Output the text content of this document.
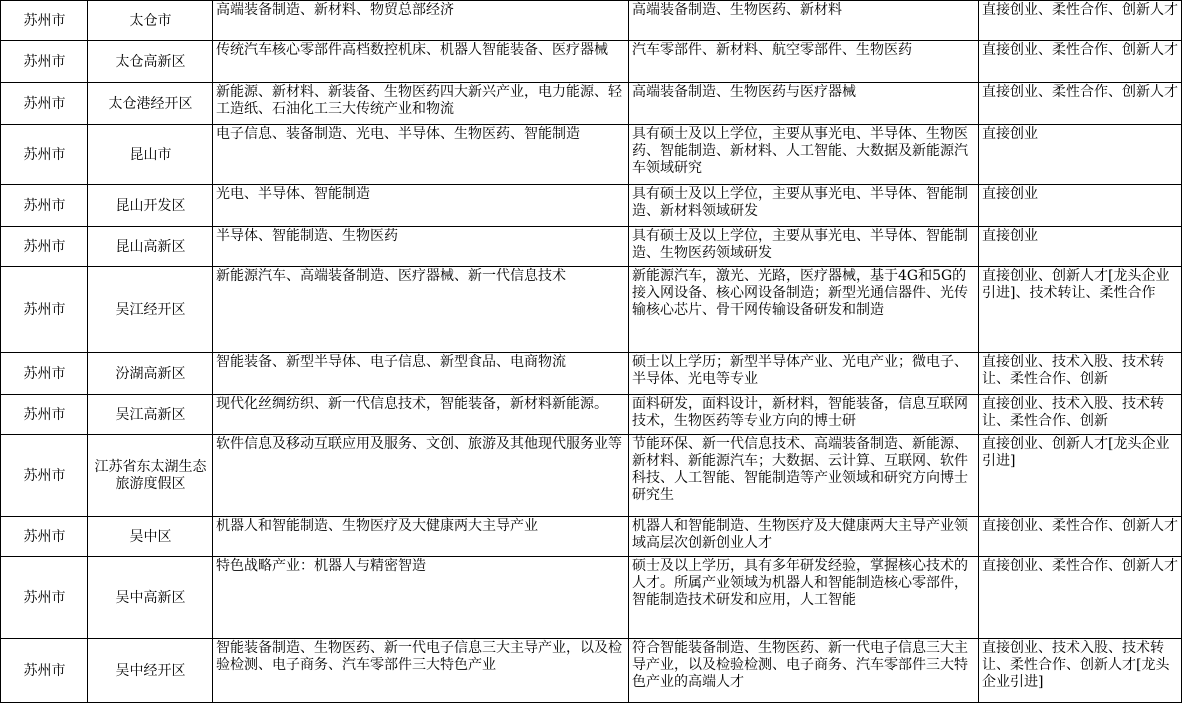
苏州市	太仓市	高端装备制造、新材料、物贸总部经济	高端装备制造、生物医药、新材料	直接创业、柔性合作、创新人才
苏州市	太仓高新区	传统汽车核心零部件高档数控机床、机器人智能装备、医疗器械	汽车零部件、新材料、航空零部件、生物医药	直接创业、柔性合作、创新人才
苏州市	太仓港经开区	新能源、新材料、新装备、生物医药四大新兴产业，电力能源、轻工造纸、石油化工三大传统产业和物流	高端装备制造、生物医药与医疗器械	直接创业、柔性合作、创新人才
苏州市	昆山市	电子信息、装备制造、光电、半导体、生物医药、智能制造	具有硕士及以上学位，主要从事光电、半导体、生物医药、智能制造、新材料、人工智能、大数据及新能源汽车领域研究	直接创业
苏州市	昆山开发区	光电、半导体、智能制造	具有硕士及以上学位，主要从事光电、半导体、智能制造、新材料领域研发	直接创业
苏州市	昆山高新区	半导体、智能制造、生物医药	具有硕士及以上学位，主要从事光电、半导体、智能制造、生物医药领域研发	直接创业
苏州市	吴江经开区	新能源汽车、高端装备制造、医疗器械、新一代信息技术	新能源汽车，激光、光路，医疗器械，基于4G和5G的接入网设备、核心网设备制造；新型光通信器件、光传输核心芯片、骨干网传输设备研发和制造	直接创业、创新人才[龙头企业引进]、技术转让、柔性合作
苏州市	汾湖高新区	智能装备、新型半导体、电子信息、新型食品、电商物流	硕士以上学历；新型半导体产业、光电产业；微电子、半导体、光电等专业	直接创业、技术入股、技术转让、柔性合作、创新
苏州市	吴江高新区	现代化丝绸纺织、新一代信息技术，智能装备，新材料新能源。	面料研发，面料设计，新材料，智能装备，信息互联网技术，生物医药等专业方向的博士研	直接创业、技术入股、技术转让、柔性合作、创新
苏州市	江苏省东太湖生态旅游度假区	软件信息及移动互联应用及服务、文创、旅游及其他现代服务业等	节能环保、新一代信息技术、高端装备制造、新能源、新材料、新能源汽车；大数据、云计算、互联网、软件科技、人工智能、智能制造等产业领域和研究方向博士研究生	直接创业、创新人才[龙头企业引进]
苏州市	吴中区	机器人和智能制造、生物医疗及大健康两大主导产业	机器人和智能制造、生物医疗及大健康两大主导产业领域高层次创新创业人才	直接创业、柔性合作、创新人才
苏州市	吴中高新区	特色战略产业：机器人与精密智造	硕士及以上学历，具有多年研发经验，掌握核心技术的人才。所属产业领域为机器人和智能制造核心零部件，智能制造技术研发和应用，人工智能	直接创业、柔性合作、创新人才
苏州市	吴中经开区	智能装备制造、生物医药、新一代电子信息三大主导产业，以及检验检测、电子商务、汽车零部件三大特色产业	符合智能装备制造、生物医药、新一代电子信息三大主导产业，以及检验检测、电子商务、汽车零部件三大特色产业的高端人才	直接创业、技术入股、技术转让、柔性合作、创新人才[龙头企业引进]
